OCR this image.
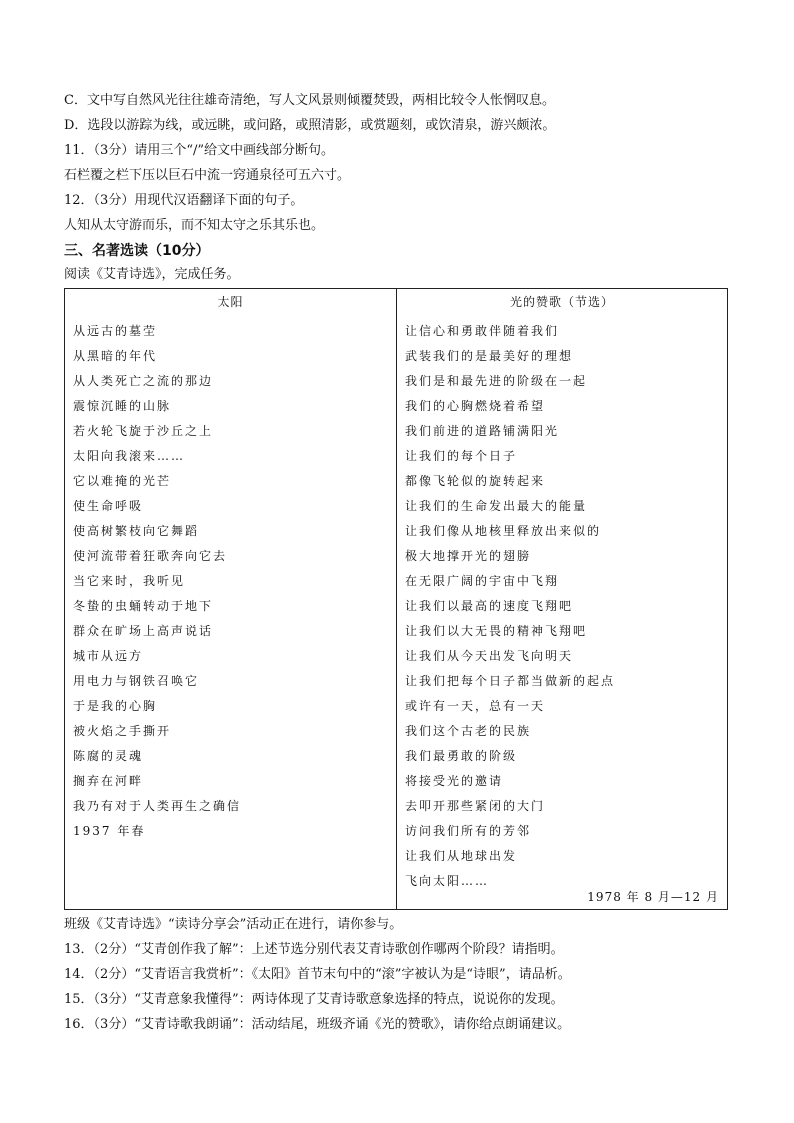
C．文中写自然风光往往雄奇清绝，写人文风景则倾覆焚毁，两相比较令人怅惘叹息。
D．选段以游踪为线，或远眺，或问路，或照清影，或赏题刻，或饮清泉，游兴颇浓。
11．（3分）请用三个“/”给文中画线部分断句。
石栏覆之栏下压以巨石中流一窍通泉径可五六寸。
12．（3分）用现代汉语翻译下面的句子。
人知从太守游而乐，而不知太守之乐其乐也。
三、名著选读（10分）
阅读《艾青诗选》，完成任务。
太阳
从远古的墓茔
从黑暗的年代
从人类死亡之流的那边
震惊沉睡的山脉
若火轮飞旋于沙丘之上
太阳向我滚来……
它以难掩的光芒
使生命呼吸
使高树繁枝向它舞蹈
使河流带着狂歌奔向它去
当它来时，我听见
冬蛰的虫蛹转动于地下
群众在旷场上高声说话
城市从远方
用电力与钢铁召唤它
于是我的心胸
被火焰之手撕开
陈腐的灵魂
搁弃在河畔
我乃有对于人类再生之确信
1937 年春
光的赞歌（节选）
让信心和勇敢伴随着我们
武装我们的是最美好的理想
我们是和最先进的阶级在一起
我们的心胸燃烧着希望
我们前进的道路铺满阳光
让我们的每个日子
都像飞轮似的旋转起来
让我们的生命发出最大的能量
让我们像从地核里释放出来似的
极大地撑开光的翅膀
在无限广阔的宇宙中飞翔
让我们以最高的速度飞翔吧
让我们以大无畏的精神飞翔吧
让我们从今天出发飞向明天
让我们把每个日子都当做新的起点
或许有一天，总有一天
我们这个古老的民族
我们最勇敢的阶级
将接受光的邀请
去叩开那些紧闭的大门
访问我们所有的芳邻
让我们从地球出发
飞向太阳……
1978 年 8 月—12 月
班级《艾青诗选》“读诗分享会”活动正在进行，请你参与。
13．（2分）“艾青创作我了解”：上述节选分别代表艾青诗歌创作哪两个阶段？请指明。
14．（2分）“艾青语言我赏析”：《太阳》首节末句中的“滚”字被认为是“诗眼”，请品析。
15．（3分）“艾青意象我懂得”：两诗体现了艾青诗歌意象选择的特点，说说你的发现。
16．（3分）“艾青诗歌我朗诵”：活动结尾，班级齐诵《光的赞歌》，请你给点朗诵建议。
